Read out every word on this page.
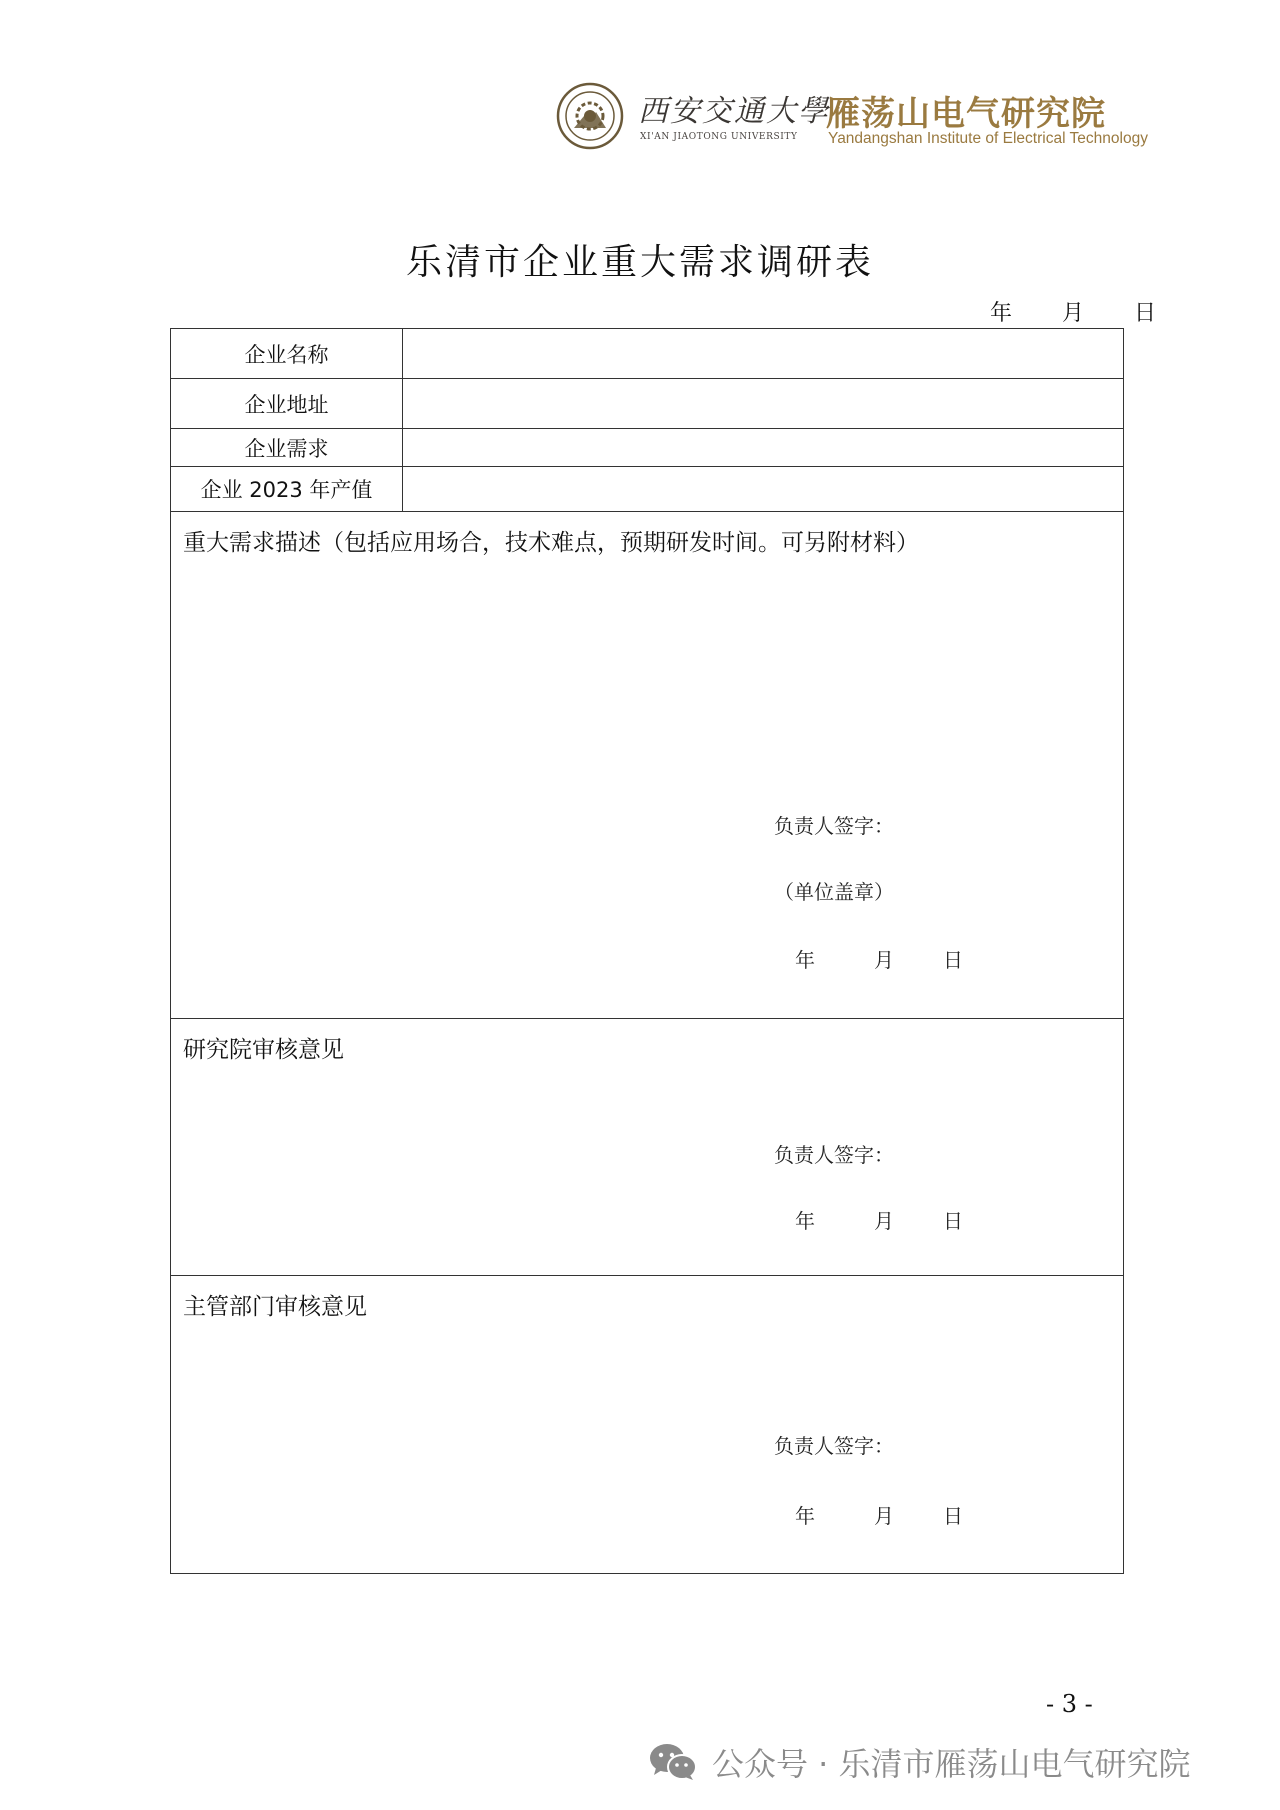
西安交通大學
XI'AN JIAOTONG UNIVERSITY
雁荡山电气研究院
Yandangshan Institute of Electrical Technology
乐清市企业重大需求调研表
年 月 日
企业名称
企业地址
企业需求
企业 2023 年产值
重大需求描述（包括应用场合，技术难点，预期研发时间。可另附材料）
负责人签字：
（单位盖章）
年	月 日
研究院审核意见
负责人签字：
年	月 日
主管部门审核意见
负责人签字：
年	月 日
- 3 -
公众号 · 乐清市雁荡山电气研究院
